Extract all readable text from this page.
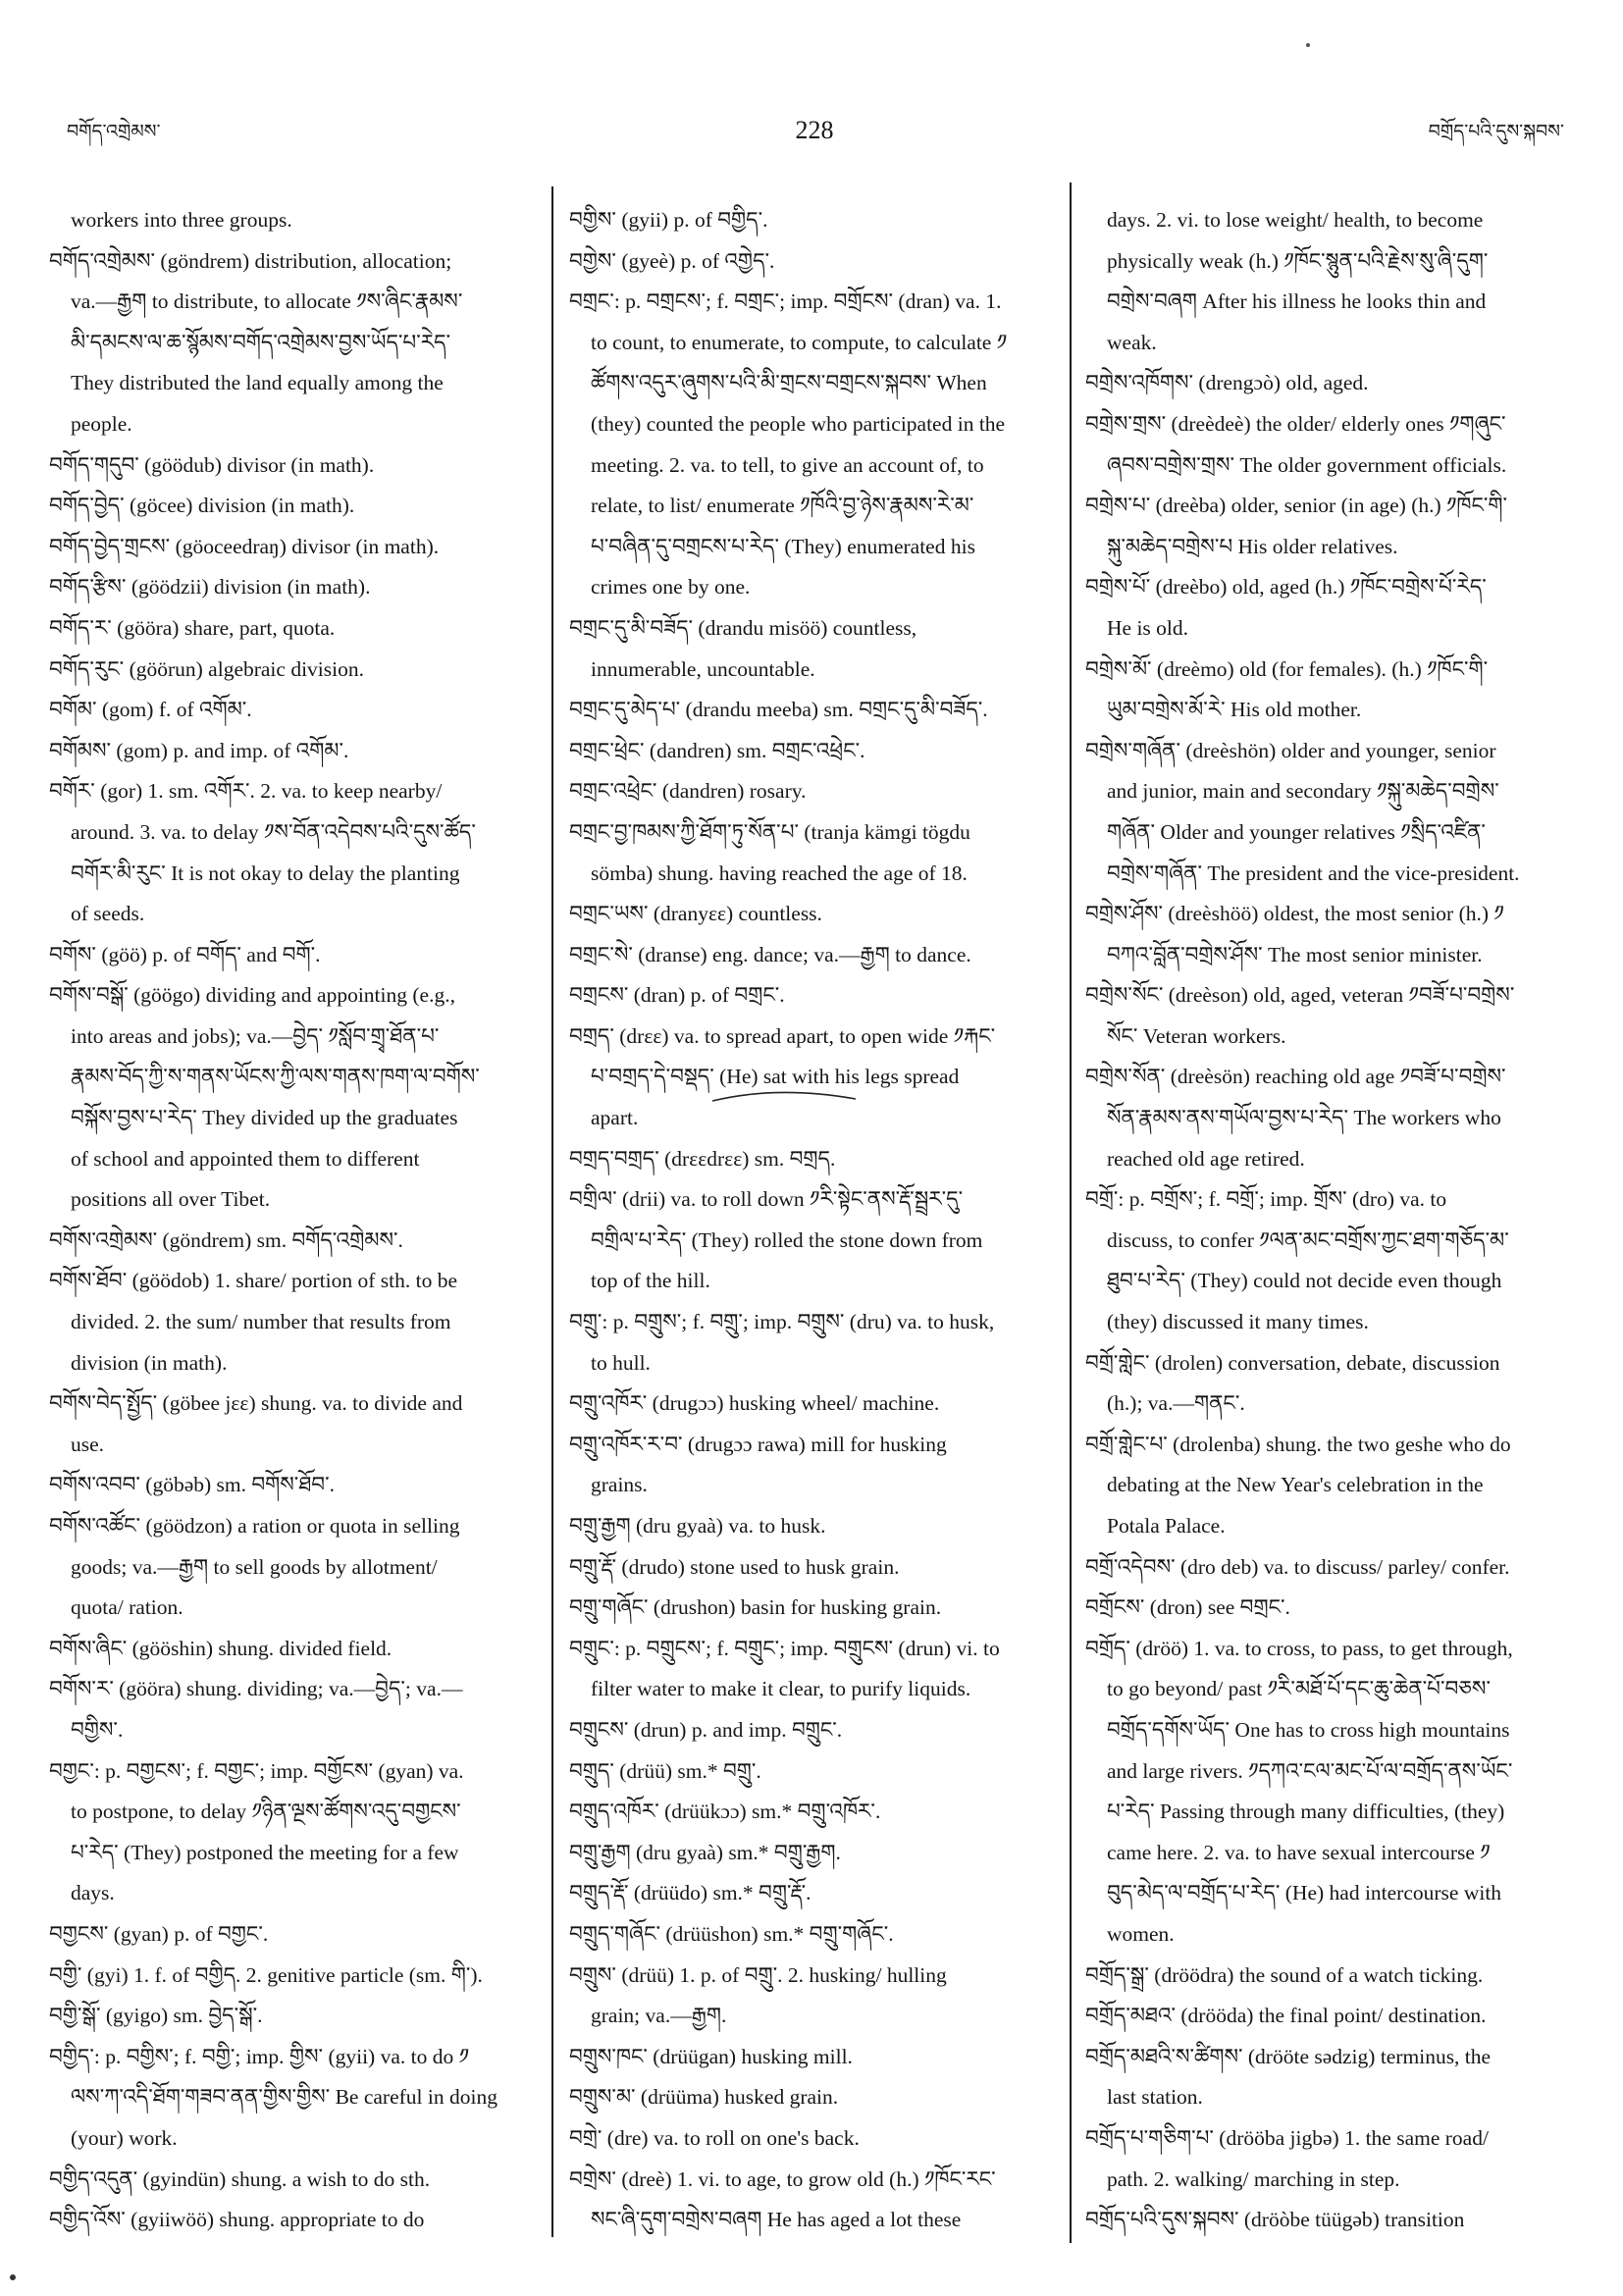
བགོད་འགྲེམས་	228	བགྲོད་པའི་དུས་སྐབས་
workers into three groups.
བགོད་འགྲེམས་ (göndrem) distribution, allocation;
va.—རྒྱག to distribute, to allocate ༡ས་ཞིང་རྣམས་
མི་དམངས་ལ་ཆ་སྙོམས་བགོད་འགྲེམས་བྱས་ཡོད་པ་རེད་
They distributed the land equally among the
people.
བགོད་གདུབ་ (göödub) divisor (in math).
བགོད་བྱེད་ (göcee) division (in math).
བགོད་བྱེད་གྲངས་ (göoceedraŋ) divisor (in math).
བགོད་རྩིས་ (göödzii) division (in math).
བགོད་ར་ (gööra) share, part, quota.
བགོད་རུང་ (göörun) algebraic division.
བགོམ་ (gom) f. of འགོམ་.
བགོམས་ (gom) p. and imp. of འགོམ་.
བགོར་ (gor) 1. sm. འགོར་. 2. va. to keep nearby/
around. 3. va. to delay ༡ས་བོན་འདེབས་པའི་དུས་ཚོད་
བགོར་མི་རུང་ It is not okay to delay the planting
of seeds.
བགོས་ (göö) p. of བགོད་ and བགོ་.
བགོས་བསྒོ་ (göögo) dividing and appointing (e.g.,
into areas and jobs); va.—བྱེད་ ༡སློབ་གྲྭ་ཐོན་པ་
རྣམས་བོད་ཀྱི་ས་གནས་ཡོངས་ཀྱི་ལས་གནས་ཁག་ལ་བགོས་
བསྐོས་བྱས་པ་རེད་ They divided up the graduates
of school and appointed them to different
positions all over Tibet.
བགོས་འགྲེམས་ (göndrem) sm. བགོད་འགྲེམས་.
བགོས་ཐོབ་ (göödob) 1. share/ portion of sth. to be
divided. 2. the sum/ number that results from
division (in math).
བགོས་བེད་སྤྱོད་ (göbee jɛɛ) shung. va. to divide and
use.
བགོས་འབབ་ (göbəb) sm. བགོས་ཐོབ་.
བགོས་འཚོང་ (göödzon) a ration or quota in selling
goods; va.—རྒྱག to sell goods by allotment/
quota/ ration.
བགོས་ཞིང་ (gööshin) shung. divided field.
བགོས་ར་ (gööra) shung. dividing; va.—བྱེད་; va.—
བགྱིས་.
བགྱང་: p. བགྱངས་; f. བགྱང་; imp. བགྱོངས་ (gyan) va.
to postpone, to delay ༡ཉིན་ལྔས་ཚོགས་འདུ་བགྱངས་
པ་རེད་ (They) postponed the meeting for a few
days.
བགྱངས་ (gyan) p. of བགྱང་.
བགྱི་ (gyi) 1. f. of བགྱིད. 2. genitive particle (sm. གི་).
བགྱི་སྒོ་ (gyigo) sm. བྱེད་སྒོ་.
བགྱིད་: p. བགྱིས་; f. བགྱི་; imp. གྱིས་ (gyii) va. to do ༡
ལས་ཀ་འདི་ཐོག་གཟབ་ནན་གྱིས་གྱིས་ Be careful in doing
(your) work.
བགྱིད་འདུན་ (gyindün) shung. a wish to do sth.
བགྱིད་འོས་ (gyiiwöö) shung. appropriate to do
བགྱིས་ (gyii) p. of བགྱིད་.
བགྱེས་ (gyeè) p. of འགྱེད་.
བགྲང་: p. བགྲངས་; f. བགྲང་; imp. བགྲོངས་ (dran) va. 1.
to count, to enumerate, to compute, to calculate ༡
ཚོགས་འདུར་ཞུགས་པའི་མི་གྲངས་བགྲངས་སྐབས་ When
(they) counted the people who participated in the
meeting. 2. va. to tell, to give an account of, to
relate, to list/ enumerate ༡ཁོའི་བྱ་ཉེས་རྣམས་རེ་མ་
པ་བཞིན་དུ་བགྲངས་པ་རེད་ (They) enumerated his
crimes one by one.
བགྲང་དུ་མི་བཟོད་ (drandu misöö) countless,
innumerable, uncountable.
བགྲང་དུ་མེད་པ་ (drandu meeba) sm. བགྲང་དུ་མི་བཟོད་.
བགྲང་ཕྲེང་ (dandren) sm. བགྲང་འཕྲེང་.
བགྲང་འཕྲེང་ (dandren) rosary.
བགྲང་བྱ་ཁམས་ཀྱི་ཐོག་ཏུ་སོན་པ་ (tranja kämgi tögdu
sömba) shung. having reached the age of 18.
བགྲང་ཡས་ (dranyɛɛ) countless.
བགྲང་སེ་ (dranse) eng. dance; va.—རྒྱག to dance.
བགྲངས་ (dran) p. of བགྲང་.
བགྲད་ (drɛɛ) va. to spread apart, to open wide ༡རྐང་
པ་བགྲད་དེ་བསྡད་ (He) sat with his legs spread
apart.
བགྲད་བགྲད་ (drɛɛdrɛɛ) sm. བགྲད.
བགྲིལ་ (drii) va. to roll down ༡རི་སྟེང་ནས་རྡོ་སྦྲར་དུ་
བགྲིལ་པ་རེད་ (They) rolled the stone down from
top of the hill.
བགྲུ་: p. བགྲུས་; f. བགྲུ་; imp. བགྲུས་ (dru) va. to husk,
to hull.
བགྲུ་འཁོར་ (drugɔɔ) husking wheel/ machine.
བགྲུ་འཁོར་ར་བ་ (drugɔɔ rawa) mill for husking
grains.
བགྲུ་རྒྱག (dru gyaà) va. to husk.
བགྲུ་རྡོ་ (drudo) stone used to husk grain.
བགྲུ་གཞོང་ (drushon) basin for husking grain.
བགྲུང་: p. བགྲུངས་; f. བགྲུང་; imp. བགྲུངས་ (drun) vi. to
filter water to make it clear, to purify liquids.
བགྲུངས་ (drun) p. and imp. བགྲུང་.
བགྲུད་ (drüü) sm.* བགྲུ་.
བགྲུད་འཁོར་ (drüükɔɔ) sm.* བགྲུ་འཁོར་.
བགྲུ་རྒྱག (dru gyaà) sm.* བགྲུ་རྒྱག.
བགྲུད་རྡོ་ (drüüdo) sm.* བགྲུ་རྡོ་.
བགྲུད་གཞོང་ (drüüshon) sm.* བགྲུ་གཞོང་.
བགྲུས་ (drüü) 1. p. of བགྲུ་. 2. husking/ hulling
grain; va.—རྒྱག.
བགྲུས་ཁང་ (drüügan) husking mill.
བགྲུས་མ་ (drüüma) husked grain.
བགྲེ་ (dre) va. to roll on one's back.
བགྲེས་ (dreè) 1. vi. to age, to grow old (h.) ༡ཁོང་རང་
སང་ཞི་དུག་བགྲེས་བཞག He has aged a lot these
days. 2. vi. to lose weight/ health, to become
physically weak (h.) ༡ཁོང་སྙུན་པའི་རྗེས་སུ་ཞི་དུག་
བགྲེས་བཞག After his illness he looks thin and
weak.
བགྲེས་འཁོགས་ (drengɔò) old, aged.
བགྲེས་གྲས་ (dreèdeè) the older/ elderly ones ༡གཞུང་
ཞབས་བགྲེས་གྲས་ The older government officials.
བགྲེས་པ་ (dreèba) older, senior (in age) (h.) ༡ཁོང་གི་
སྐུ་མཆེད་བགྲེས་པ His older relatives.
བགྲེས་པོ་ (dreèbo) old, aged (h.) ༡ཁོང་བགྲེས་པོ་རེད་
He is old.
བགྲེས་མོ་ (dreèmo) old (for females). (h.) ༡ཁོང་གི་
ཡུམ་བགྲེས་མོ་རེ་ His old mother.
བགྲེས་གཞོན་ (dreèshön) older and younger, senior
and junior, main and secondary ༡སྐུ་མཆེད་བགྲེས་
གཞོན་ Older and younger relatives ༡སྲིད་འཛིན་
བགྲེས་གཞོན་ The president and the vice-president.
བགྲེས་ཤོས་ (dreèshöö) oldest, the most senior (h.) ༡
བཀའ་བློན་བགྲེས་ཤོས་ The most senior minister.
བགྲེས་སོང་ (dreèson) old, aged, veteran ༡བཟོ་པ་བགྲེས་
སོང་ Veteran workers.
བགྲེས་སོན་ (dreèsön) reaching old age ༡བཟོ་པ་བགྲེས་
སོན་རྣམས་ནས་གཡོལ་བྱས་པ་རེད་ The workers who
reached old age retired.
བགྲོ་: p. བགྲོས་; f. བགྲོ་; imp. གྲོས་ (dro) va. to
discuss, to confer ༡ལན་མང་བགྲོས་ཀྱང་ཐག་གཅོད་མ་
ཐུབ་པ་རེད་ (They) could not decide even though
(they) discussed it many times.
བགྲོ་གླེང་ (drolen) conversation, debate, discussion
(h.); va.—གནང་.
བགྲོ་གླེང་པ་ (drolenba) shung. the two geshe who do
debating at the New Year's celebration in the
Potala Palace.
བགྲོ་འདེབས་ (dro deb) va. to discuss/ parley/ confer.
བགྲོངས་ (dron) see བགྲང་.
བགྲོད་ (dröö) 1. va. to cross, to pass, to get through,
to go beyond/ past ༡རི་མཐོ་པོ་དང་ཆུ་ཆེན་པོ་བཅས་
བགྲོད་དགོས་ཡོད་ One has to cross high mountains
and large rivers. ༡དཀའ་ངལ་མང་པོ་ལ་བགྲོད་ནས་ཡོང་
པ་རེད་ Passing through many difficulties, (they)
came here. 2. va. to have sexual intercourse ༡
བུད་མེད་ལ་བགྲོད་པ་རེད་ (He) had intercourse with
women.
བགྲོད་སྒྲ་ (dröödra) the sound of a watch ticking.
བགྲོད་མཐའ་ (drööda) the final point/ destination.
བགྲོད་མཐའི་ས་ཚིགས་ (drööte sədzig) terminus, the
last station.
བགྲོད་པ་གཅིག་པ་ (drööba jigbə) 1. the same road/
path. 2. walking/ marching in step.
བགྲོད་པའི་དུས་སྐབས་ (dröòbe tüügəb) transition
